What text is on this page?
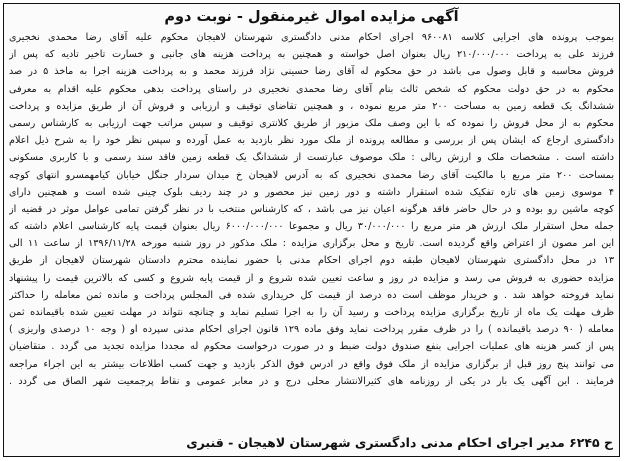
آگهی مزایده اموال غیرمنقول - نوبت دوم
بموجب پرونده های اجرایی کلاسه ۹۶۰۰۸۱ اجرای احکام مدنی دادگستری شهرستان لاهیجان محکوم علیه آقای رضا محمدی نخجیری
فرزند علی به پرداخت ۲۱۰/۰۰۰/۰۰۰ ریال بعنوان اصل خواسته و همچنین به پرداخت هزینه های جانبی و خسارت تاخیر تادیه که پس از
فروش محاسبه و قابل وصول می باشد در حق محکوم له آقای رضا حسینی نژاد فرزند محمد و به پرداخت هزینه اجرا به ماخذ ۵ در صد
محکوم به در حق دولت محکوم که شخص ثالث بنام آقای رضا محمدی نخجیری در راستای پرداخت بدهی محکوم علیه اقدام به معرفی
ششدانگ یک قطعه زمین به مساحت ۲۰۰ متر مربع نموده ، و همچنین تقاضای توقیف و ارزیابی و فروش آن از طریق مزایده و پرداخت
محکوم به از محل فروش را نموده که با این وصف ملک مزبور از طریق کلانتری توقیف و سپس مراتب جهت ارزیابی به کارشناس رسمی
دادگستری ارجاع که ایشان پس از بررسی و مطالعه پرونده از ملک مورد نظر بازدید به عمل آورده و سپس نظر خود را به شرح ذیل اعلام
داشته است . مشخصات ملک و ارزش ریالی : ملک موصوف عبارتست از ششدانگ یک قطعه زمین فاقد سند رسمی و با کاربری مسکونی
بمساحت ۲۰۰ متر مربع با مالکیت آقای رضا محمدی نخجیری که به آدرس لاهیجان خ میدان سردار جنگل خیابان کیامهمسرو انتهای کوچه
۴ موسوی زمین های تازه تفکیک شده استقرار داشته و دور زمین نیز محصور و در چند ردیف بلوک چینی شده است و همچنین دارای
کوچه ماشین رو بوده و در حال حاضر فاقد هرگونه اعیان نیز می باشد ، که کارشناس منتخب با در نظر گرفتن تمامی عوامل موثر در قضیه از
جمله محل استقرار ملک ارزش هر متر مربع را ۳۰/۰۰۰/۰۰۰ ریال و مجموعا ۶۰۰۰/۰۰۰/۰۰۰ ریال بعنوان قیمت پایه کارشناسی اعلام داشته که
این امر مصون از اعتراض واقع گردیده است. تاریخ و محل برگزاری مزایده : ملک مذکور در روز شنبه مورخه ۱۳۹۶/۱۱/۲۸ از ساعت ۱۱ الی
۱۳ در محل دادگستری شهرستان لاهیجان طبقه دوم اجرای احکام مدنی با حضور نماینده محترم دادستان شهرستان لاهیجان از طریق
مزایده حضوری به فروش می رسد و مزایده در روز و ساعت تعیین شده شروع و از قیمت پایه شروع و کسی که بالاترین قیمت را پیشنهاد
نماید فروخته خواهد شد . و خریدار موظف است ده درصد از قیمت کل خریداری شده فی المجلس پرداخت و مانده ثمن معامله را حداکثر
ظرف مهلت یک ماه از تاریخ برگزاری مزایده پرداخت و رسید آن را به اجرا تسلیم نماید و چنانچه نتواند در مهلت تعیین شده باقیمانده ثمن
معامله ( ۹۰ درصد باقیمانده ) را در ظرف مقرر پرداخت نماید وفق ماده ۱۲۹ قانون اجرای احکام مدنی سپرده او ( وجه ۱۰ درصدی واریزی )
پس از کسر هزینه های عملیات اجرایی بنفع صندوق دولت ضبط و در صورت درخواست محکوم له مجددا مزایده تجدید می گردد . متقاضیان
می توانند پنج روز قبل از برگزاری مزایده از ملک فوق واقع در ادرس فوق الذکر بازدید و جهت کسب اطلاعات بیشتر به این اجراء مراجعه
فرمایند . این آگهی یک بار در یکی از روزنامه های کثیرالانتشار محلی درج و در معابر عمومی و نقاط پرجمعیت شهر الصاق می گردد .
ح ۶۲۴۵ مدیر اجرای احکام مدنی دادگستری شهرستان لاهیجان - قنبری
